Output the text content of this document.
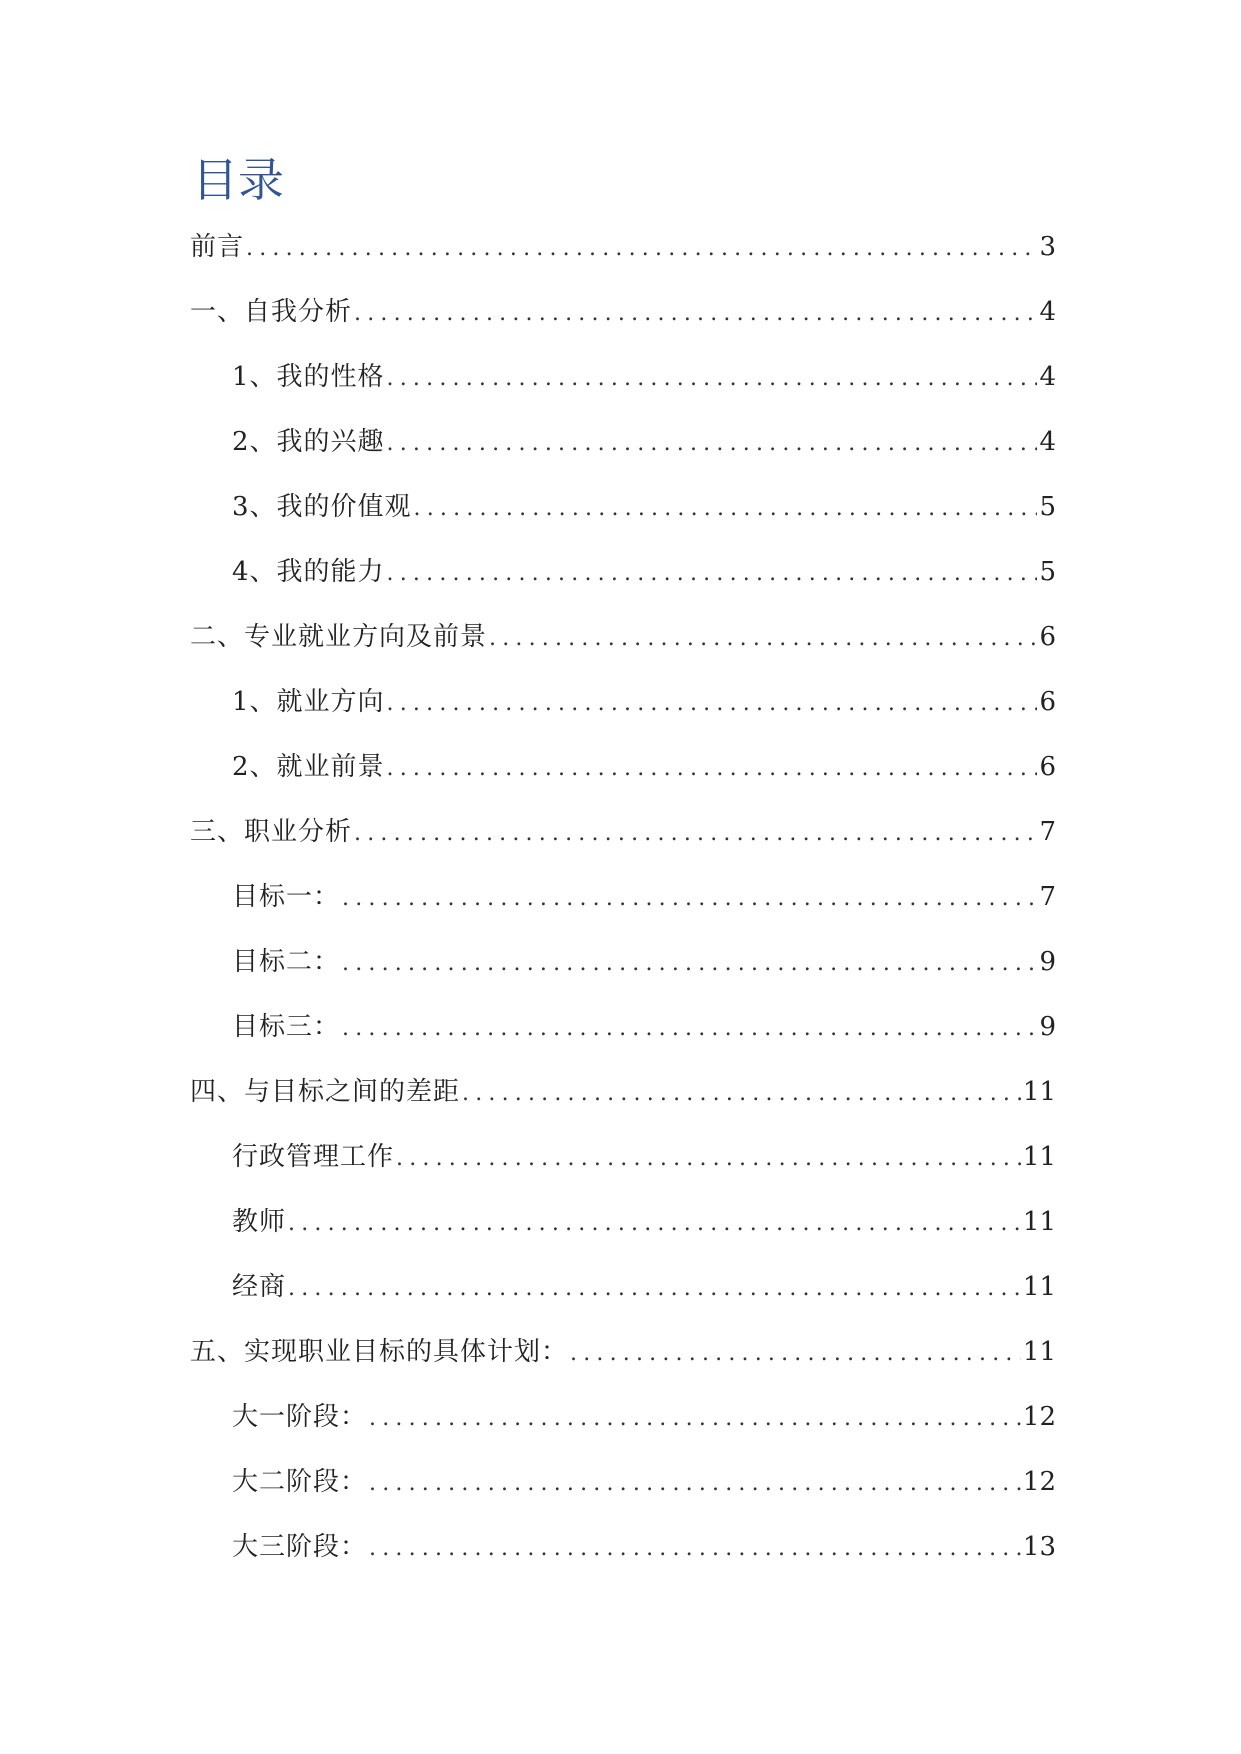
目录
前言 .....	3
一、自我分析 .....	4
1、我的性格 .....	4
2、我的兴趣 .....	4
3、我的价值观 .....	5
4、我的能力 .....	5
二、专业就业方向及前景 .....	6
1、就业方向 .....	6
2、就业前景 .....	6
三、职业分析 .....	7
目标一： .....	7
目标二： .....	9
目标三： .....	9
四、与目标之间的差距 .....	11
行政管理工作 .....	11
教师 .....	11
经商 .....	11
五、实现职业目标的具体计划： .....	11
大一阶段： .....	12
大二阶段： .....	12
大三阶段： .....	13
